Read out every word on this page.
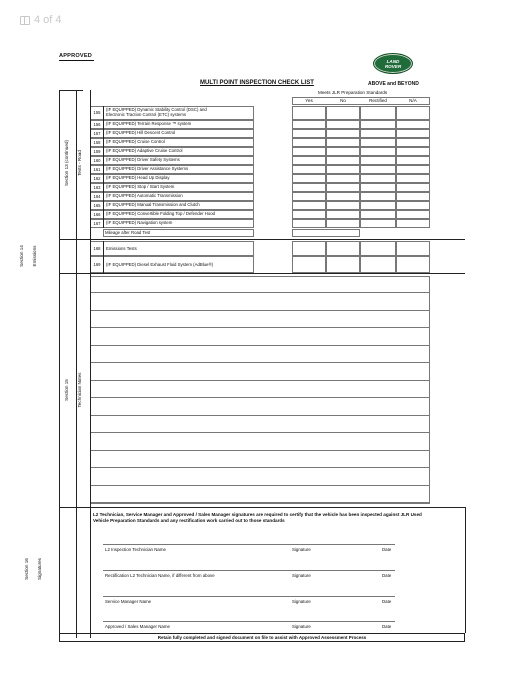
4 of 4
APPROVED
LAND
ROVER
MULTI POINT INSPECTION CHECK LIST	ABOVE and BEYOND
Meets JLR Preparation Standards
Yes	No	Rectified	N/A
Section 13 (continued) Tests - Road
Section 14 Emissions
Section 15 Technician Notes
Section 16 Signatures
155
(IF EQUIPPED) Dynamic Stability Control (DSC) and
Electronic Traction Control (ETC) systems
156	(IF EQUIPPED) Terrain Response ™ system
157	(IF EQUIPPED) Hill Descent Control
158	(IF EQUIPPED) Cruise Control
159	(IF EQUIPPED) Adaptive Cruise Control
160	(IF EQUIPPED) Driver Safety Systems
161	(IF EQUIPPED) Driver Assistance Systems
162	(IF EQUIPPED) Head Up Display
163	(IF EQUIPPED) Stop / Start System
164	(IF EQUIPPED) Automatic Transmission
165	(IF EQUIPPED) Manual Transmission and Clutch
166	(IF EQUIPPED) Convertible Folding Top / Defender Hood
167	(IF EQUIPPED) Navigation system
Mileage after Road Test
168	Emissions Tests
169	(IF EQUIPPED) Diesel Exhaust Fluid System (AdBlue®)
L2 Technician, Service Manager and Approved / Sales Manager signatures are required to certify that the vehicle has been inspected against JLR Used Vehicle Preparation Standards and any rectification work carried out to those standards
L2 Inspection Technician Name	Signature	Date
Rectification L2 Technician Name, if different from above	Signature	Date
Service Manager Name	Signature	Date
Approved / Sales Manager Name	Signature	Date
Retain fully completed and signed document on file to assist with Approved Assessment Process
